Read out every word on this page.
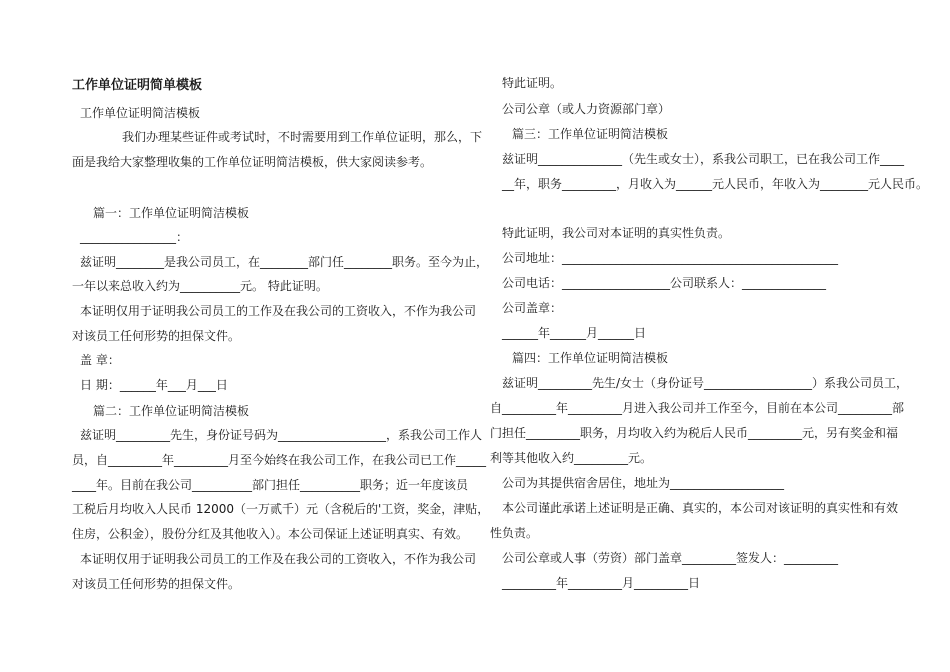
工作单位证明简单模板
工作单位证明简洁模板
我们办理某些证件或考试时，不时需要用到工作单位证明，那么，下
面是我给大家整理收集的工作单位证明简洁模板，供大家阅读参考。
篇一：工作单位证明简洁模板
________________：
兹证明________是我公司员工，在________部门任________职务。至今为止，
一年以来总收入约为__________元。 特此证明。
本证明仅用于证明我公司员工的工作及在我公司的工资收入，不作为我公司
对该员工任何形势的担保文件。
盖 章：
日 期：______年___月___日
篇二：工作单位证明简洁模板
兹证明_________先生，身份证号码为__________________，系我公司工作人
员，自_________年_________月至今始终在我公司工作，在我公司已工作_____
____年。目前在我公司__________部门担任__________职务；近一年度该员
工税后月均收入人民币 12000（一万贰千）元（含税后的'工资，奖金，津贴，
住房，公积金），股份分红及其他收入）。本公司保证上述证明真实、有效。
本证明仅用于证明我公司员工的工作及在我公司的工资收入，不作为我公司
对该员工任何形势的担保文件。
特此证明。
公司公章（或人力资源部门章）
篇三：工作单位证明简洁模板
兹证明______________（先生或女士），系我公司职工，已在我公司工作____
__年，职务_________，月收入为______元人民币，年收入为________元人民币。
特此证明，我公司对本证明的真实性负责。
公司地址：______________________________________________
公司电话：__________________公司联系人：______________
公司盖章：
______年______月______日
篇四：工作单位证明简洁模板
兹证明_________先生/女士（身份证号__________________）系我公司员工，
自_________年_________月进入我公司并工作至今，目前在本公司_________部
门担任_________职务，月均收入约为税后人民币_________元，另有奖金和福
利等其他收入约_________元。
公司为其提供宿舍居住，地址为___________________
本公司谨此承诺上述证明是正确、真实的，本公司对该证明的真实性和有效
性负责。
公司公章或人事（劳资）部门盖章_________签发人：_________
_________年_________月_________日
